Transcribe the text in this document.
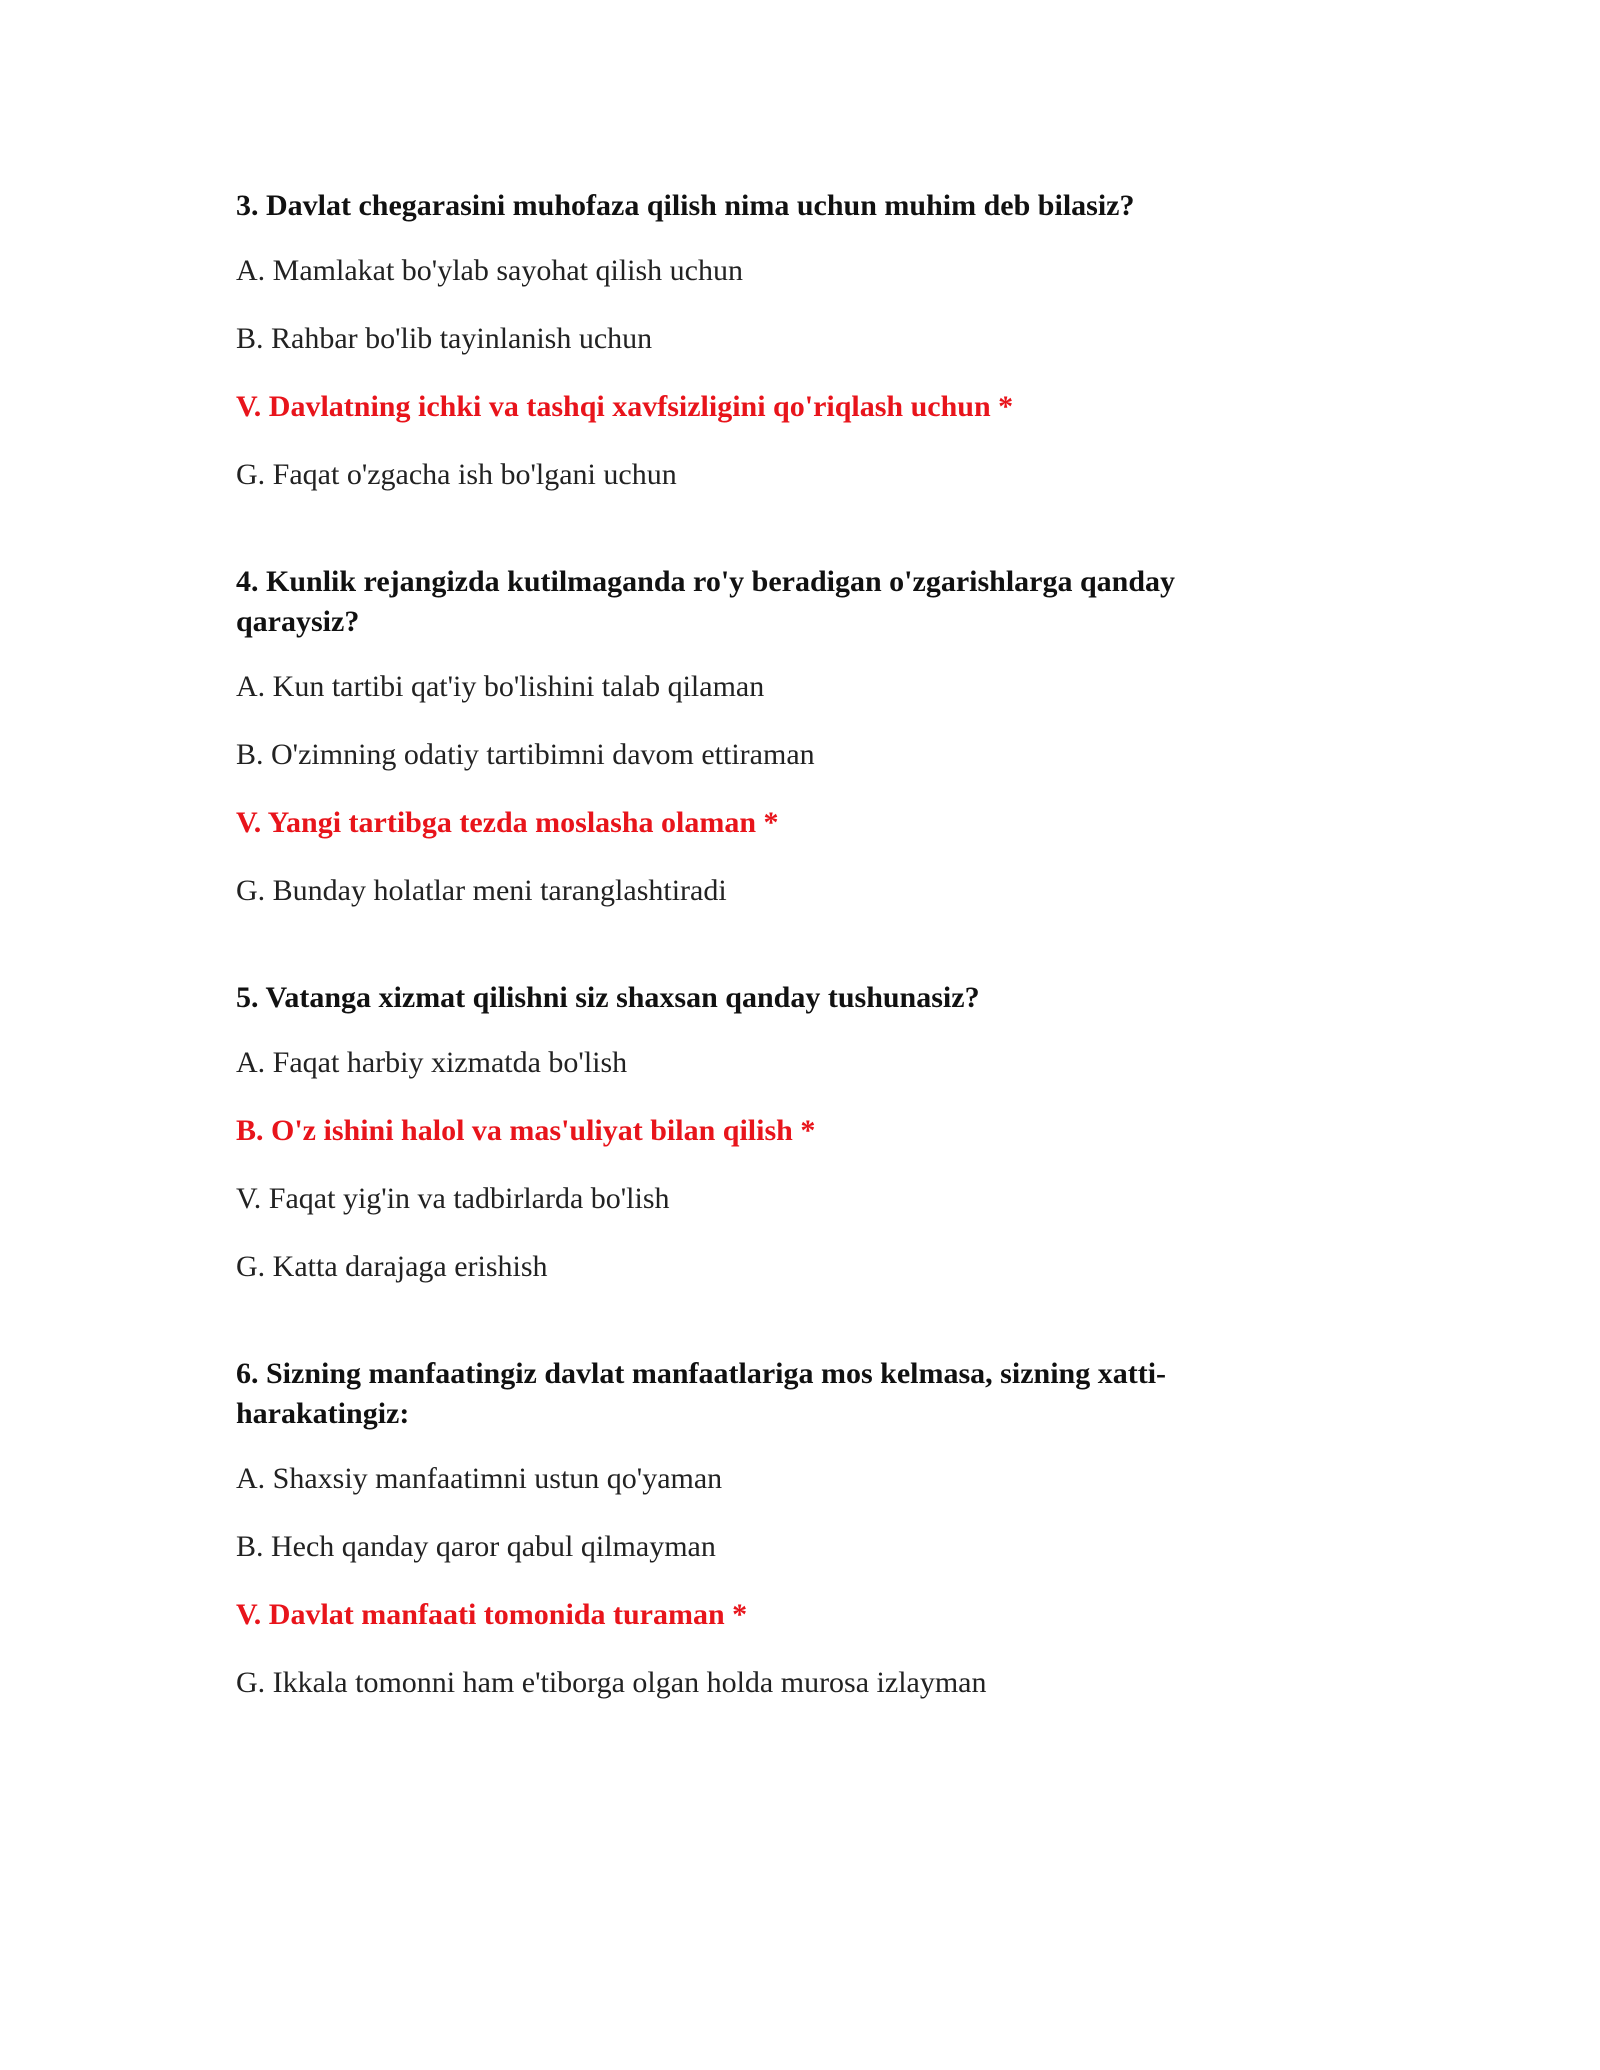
3. Davlat chegarasini muhofaza qilish nima uchun muhim deb bilasiz?
A. Mamlakat bo'ylab sayohat qilish uchun
B. Rahbar bo'lib tayinlanish uchun
V. Davlatning ichki va tashqi xavfsizligini qo'riqlash uchun *
G. Faqat o'zgacha ish bo'lgani uchun
4. Kunlik rejangizda kutilmaganda ro'y beradigan o'zgarishlarga qanday qaraysiz?
A. Kun tartibi qat'iy bo'lishini talab qilaman
B. O'zimning odatiy tartibimni davom ettiraman
V. Yangi tartibga tezda moslasha olaman *
G. Bunday holatlar meni taranglashtiradi
5. Vatanga xizmat qilishni siz shaxsan qanday tushunasiz?
A. Faqat harbiy xizmatda bo'lish
B. O'z ishini halol va mas'uliyat bilan qilish *
V. Faqat yig'in va tadbirlarda bo'lish
G. Katta darajaga erishish
6. Sizning manfaatingiz davlat manfaatlariga mos kelmasa, sizning xatti-harakatingiz:
A. Shaxsiy manfaatimni ustun qo'yaman
B. Hech qanday qaror qabul qilmayman
V. Davlat manfaati tomonida turaman *
G. Ikkala tomonni ham e'tiborga olgan holda murosa izlayman
